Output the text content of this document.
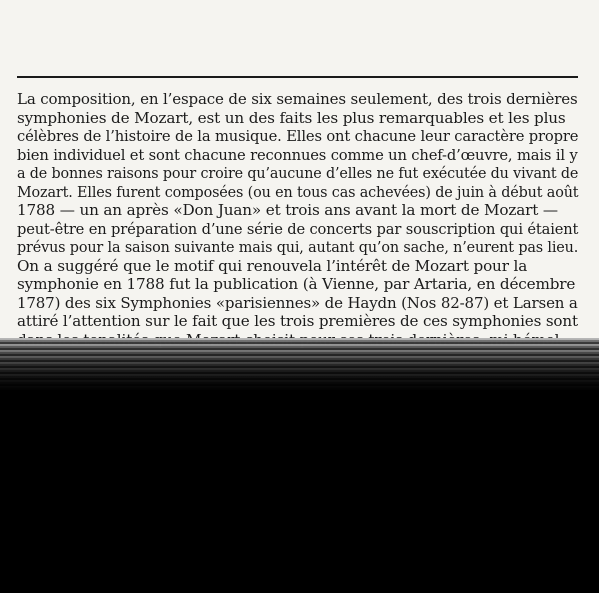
La composition, en l’espace de six semaines seulement, des trois dernières
symphonies de Mozart, est un des faits les plus remarquables et les plus
célèbres de l’histoire de la musique. Elles ont chacune leur caractère propre
bien individuel et sont chacune reconnues comme un chef-d’œuvre, mais il y
a de bonnes raisons pour croire qu’aucune d’elles ne fut exécutée du vivant de
Mozart. Elles furent composées (ou en tous cas achevées) de juin à début août
1788 — un an après «Don Juan» et trois ans avant la mort de Mozart —
peut-être en préparation d’une série de concerts par souscription qui étaient
prévus pour la saison suivante mais qui, autant qu’on sache, n’eurent pas lieu.
On a suggéré que le motif qui renouvela l’intérêt de Mozart pour la
symphonie en 1788 fut la publication (à Vienne, par Artaria, en décembre
1787) des six Symphonies «parisiennes» de Haydn (Nos 82-87) et Larsen a
attiré l’attention sur le fait que les trois premières de ces symphonies sont
